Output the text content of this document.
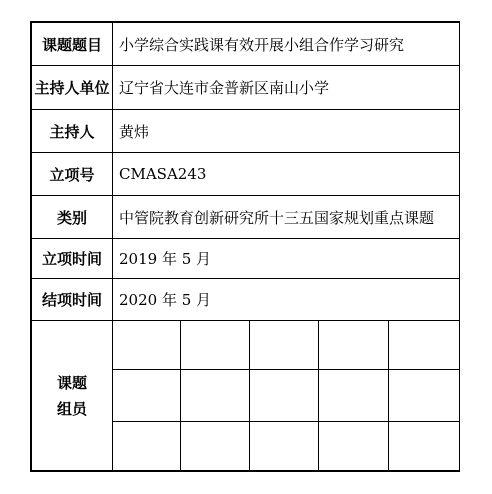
课题题目	小学综合实践课有效开展小组合作学习研究
主持人单位 辽宁省大连市金普新区南山小学
主持人	黄炜
立项号	CMASA243
类别	中管院教育创新研究所十三五国家规划重点课题
立项时间	2019 年 5 月
结项时间	2020 年 5 月
课题
组员
